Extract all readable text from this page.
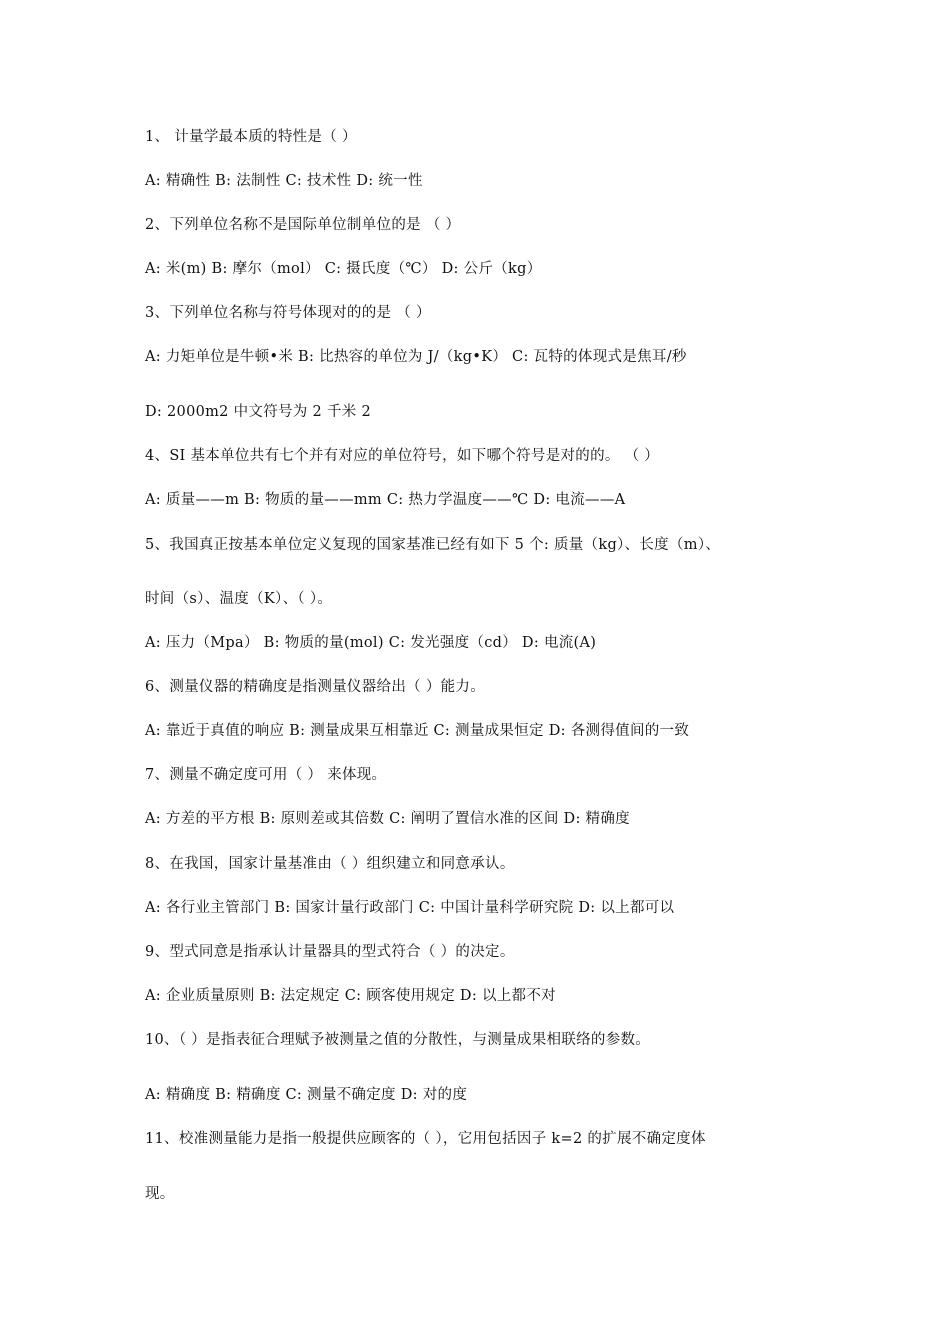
1、 计量学最本质的特性是（ ）
A: 精确性 B: 法制性 C: 技术性 D: 统一性
2、下列单位名称不是国际单位制单位的是 （ ）
A: 米(m) B: 摩尔（mol） C: 摄氏度（℃） D: 公斤（kg）
3、下列单位名称与符号体现对的的是 （ ）
A: 力矩单位是牛顿•米 B: 比热容的单位为 J/（kg•K） C: 瓦特的体现式是焦耳/秒
D: 2000m2 中文符号为 2 千米 2
4、SI 基本单位共有七个并有对应的单位符号，如下哪个符号是对的的。 （ ）
A: 质量——m B: 物质的量——mm C: 热力学温度——℃ D: 电流——A
5、我国真正按基本单位定义复现的国家基准已经有如下 5 个: 质量（kg）、长度（m）、
时间（s）、温度（K）、（ ）。
A: 压力（Mpa） B: 物质的量(mol) C: 发光强度（cd） D: 电流(A)
6、测量仪器的精确度是指测量仪器给出（ ）能力。
A: 靠近于真值的响应 B: 测量成果互相靠近 C: 测量成果恒定 D: 各测得值间的一致
7、测量不确定度可用（ ） 来体现。
A: 方差的平方根 B: 原则差或其倍数 C: 阐明了置信水准的区间 D: 精确度
8、在我国，国家计量基准由（ ）组织建立和同意承认。
A: 各行业主管部门 B: 国家计量行政部门 C: 中国计量科学研究院 D: 以上都可以
9、型式同意是指承认计量器具的型式符合（ ）的决定。
A: 企业质量原则 B: 法定规定 C: 顾客使用规定 D: 以上都不对
10、（ ）是指表征合理赋予被测量之值的分散性，与测量成果相联络的参数。
A: 精确度 B: 精确度 C: 测量不确定度 D: 对的度
11、校准测量能力是指一般提供应顾客的（ ），它用包括因子 k=2 的扩展不确定度体
现。
